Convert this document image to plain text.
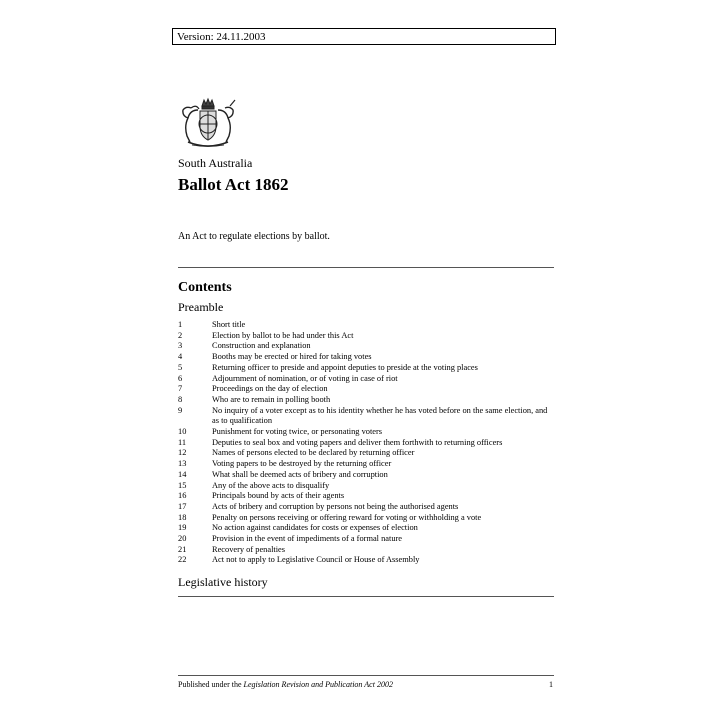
Version: 24.11.2003
South Australia
Ballot Act 1862
An Act to regulate elections by ballot.
Contents
Preamble
1	Short title
2	Election by ballot to be had under this Act
3	Construction and explanation
4	Booths may be erected or hired for taking votes
5	Returning officer to preside and appoint deputies to preside at the voting places
6	Adjournment of nomination, or of voting in case of riot
7	Proceedings on the day of election
8	Who are to remain in polling booth
9	No inquiry of a voter except as to his identity whether he has voted before on the same election, and as to qualification
10	Punishment for voting twice, or personating voters
11	Deputies to seal box and voting papers and deliver them forthwith to returning officers
12	Names of persons elected to be declared by returning officer
13	Voting papers to be destroyed by the returning officer
14	What shall be deemed acts of bribery and corruption
15	Any of the above acts to disqualify
16	Principals bound by acts of their agents
17	Acts of bribery and corruption by persons not being the authorised agents
18	Penalty on persons receiving or offering reward for voting or withholding a vote
19	No action against candidates for costs or expenses of election
20	Provision in the event of impediments of a formal nature
21	Recovery of penalties
22	Act not to apply to Legislative Council or House of Assembly
Legislative history
Published under the Legislation Revision and Publication Act 2002	1
